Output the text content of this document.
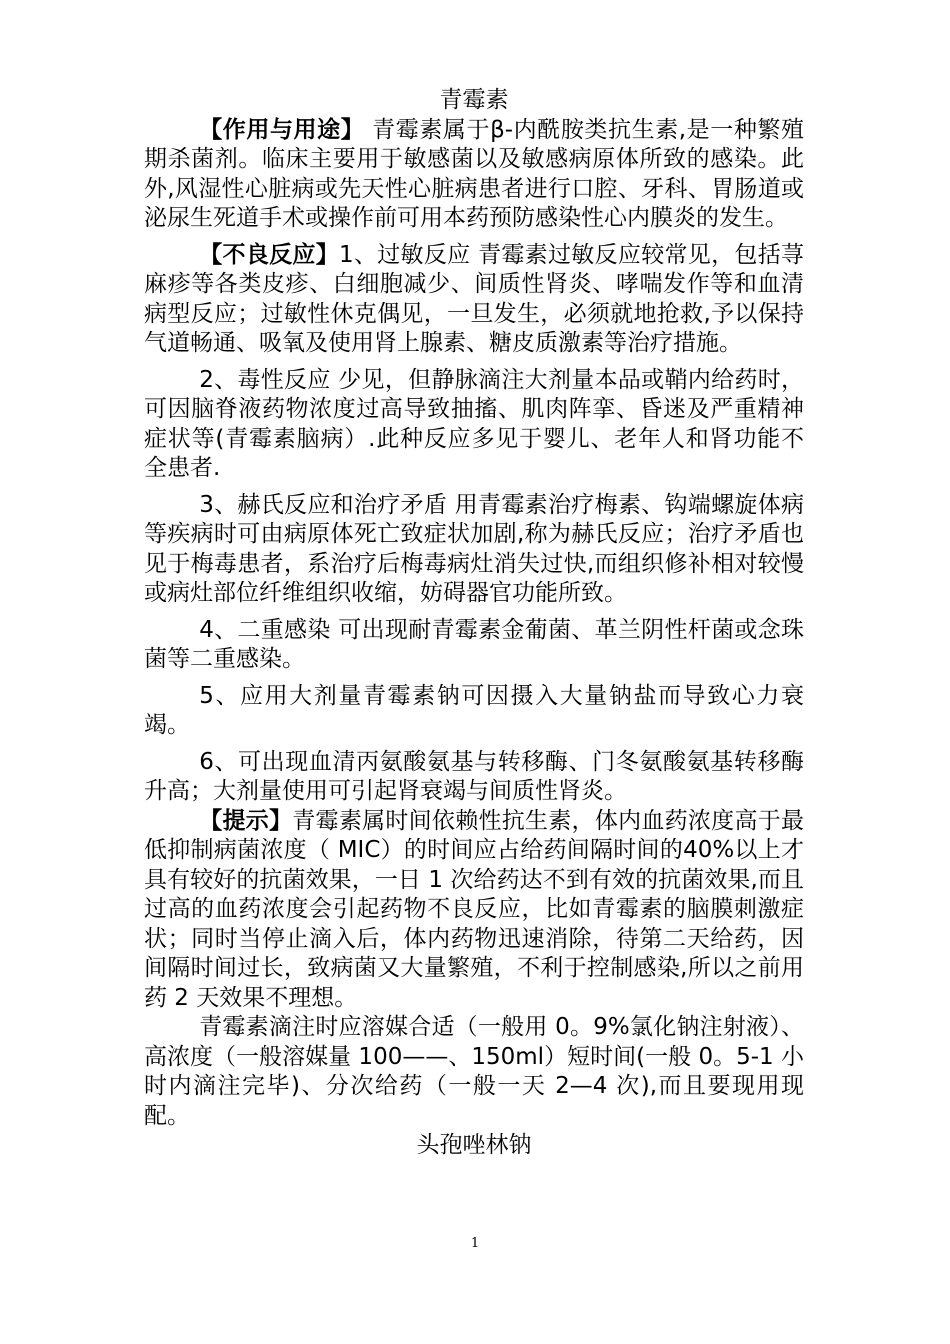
青霉素

【作用与用途】 青霉素属于β-内酰胺类抗生素,是一种繁殖期杀菌剂。临床主要用于敏感菌以及敏感病原体所致的感染。此外,风湿性心脏病或先天性心脏病患者进行口腔、牙科、胃肠道或泌尿生死道手术或操作前可用本药预防感染性心内膜炎的发生。

【不良反应】1、过敏反应 青霉素过敏反应较常见，包括荨麻疹等各类皮疹、白细胞减少、间质性肾炎、哮喘发作等和血清病型反应；过敏性休克偶见，一旦发生，必须就地抢救,予以保持气道畅通、吸氧及使用肾上腺素、糖皮质激素等治疗措施。

2、毒性反应 少见，但静脉滴注大剂量本品或鞘内给药时，可因脑脊液药物浓度过高导致抽搐、肌肉阵挛、昏迷及严重精神症状等(青霉素脑病）.此种反应多见于婴儿、老年人和肾功能不全患者.

3、赫氏反应和治疗矛盾 用青霉素治疗梅素、钩端螺旋体病等疾病时可由病原体死亡致症状加剧,称为赫氏反应；治疗矛盾也见于梅毒患者，系治疗后梅毒病灶消失过快,而组织修补相对较慢或病灶部位纤维组织收缩，妨碍器官功能所致。

4、二重感染 可出现耐青霉素金葡菌、革兰阴性杆菌或念珠菌等二重感染。

5、应用大剂量青霉素钠可因摄入大量钠盐而导致心力衰竭。

6、可出现血清丙氨酸氨基与转移酶、门冬氨酸氨基转移酶升高；大剂量使用可引起肾衰竭与间质性肾炎。

【提示】青霉素属时间依赖性抗生素，体内血药浓度高于最低抑制病菌浓度（ MIC）的时间应占给药间隔时间的40%以上才具有较好的抗菌效果，一日 1 次给药达不到有效的抗菌效果,而且过高的血药浓度会引起药物不良反应，比如青霉素的脑膜刺激症状；同时当停止滴入后，体内药物迅速消除，待第二天给药，因间隔时间过长，致病菌又大量繁殖，不利于控制感染,所以之前用药 2 天效果不理想。

青霉素滴注时应溶媒合适（一般用 0。9%氯化钠注射液）、高浓度（一般溶媒量 100——、150ml）短时间(一般 0。5-1 小时内滴注完毕)、分次给药（一般一天 2—4 次),而且要现用现配。

头孢唑林钠
1
